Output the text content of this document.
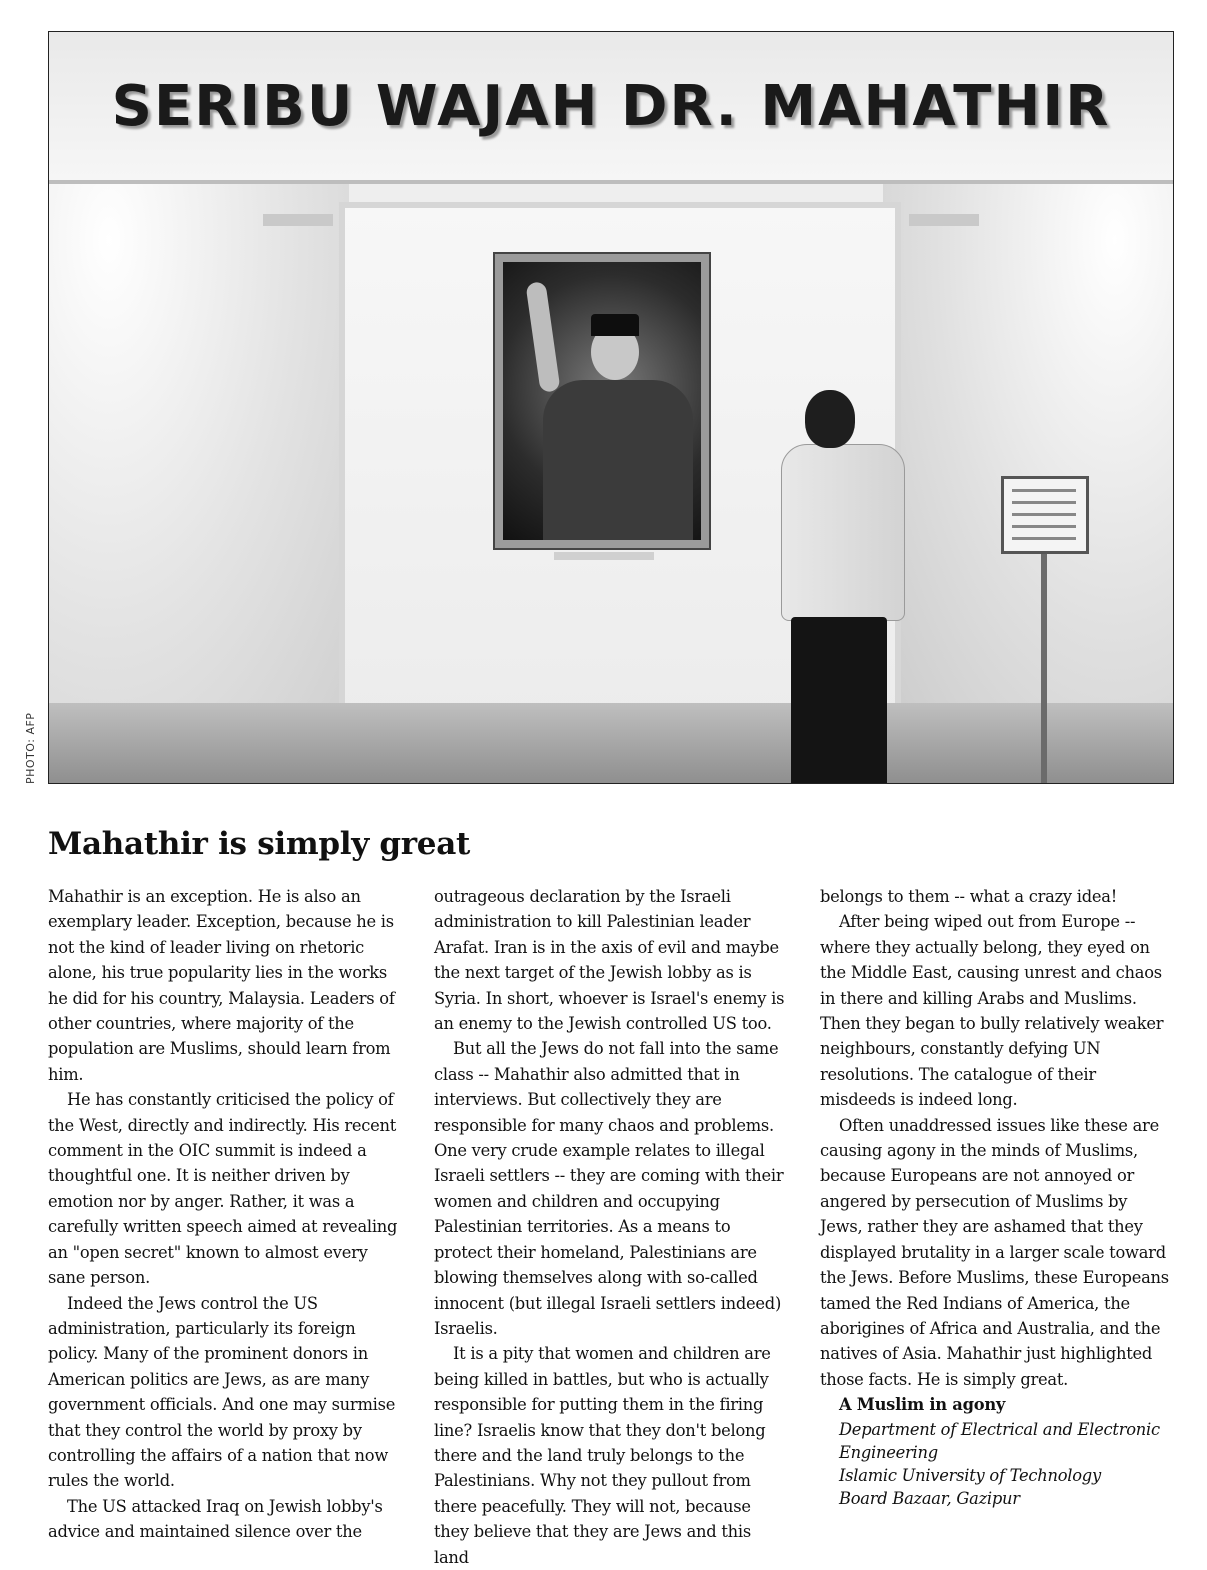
SERIBU WAJAH DR. MAHATHIR
PHOTO: AFP
Mahathir is simply great

Mahathir is an exception. He is also an exemplary leader. Exception, because he is not the kind of leader living on rhetoric alone, his true popularity lies in the works he did for his country, Malaysia. Leaders of other countries, where majority of the population are Muslims, should learn from him.

He has constantly criticised the policy of the West, directly and indirectly. His recent comment in the OIC summit is indeed a thoughtful one. It is neither driven by emotion nor by anger. Rather, it was a carefully written speech aimed at revealing an "open secret" known to almost every sane person.

Indeed the Jews control the US administration, particularly its foreign policy. Many of the prominent donors in American politics are Jews, as are many government officials. And one may surmise that they control the world by proxy by controlling the affairs of a nation that now rules the world.

The US attacked Iraq on Jewish lobby's advice and maintained silence over the

outrageous declaration by the Israeli administration to kill Palestinian leader Arafat. Iran is in the axis of evil and maybe the next target of the Jewish lobby as is Syria. In short, whoever is Israel's enemy is an enemy to the Jewish controlled US too.

But all the Jews do not fall into the same class -- Mahathir also admitted that in interviews. But collectively they are responsible for many chaos and problems. One very crude example relates to illegal Israeli settlers -- they are coming with their women and children and occupying Palestinian territories. As a means to protect their homeland, Palestinians are blowing themselves along with so-called innocent (but illegal Israeli settlers indeed) Israelis.

It is a pity that women and children are being killed in battles, but who is actually responsible for putting them in the firing line? Israelis know that they don't belong there and the land truly belongs to the Palestinians. Why not they pullout from there peacefully. They will not, because they believe that they are Jews and this land

belongs to them -- what a crazy idea!

After being wiped out from Europe -- where they actually belong, they eyed on the Middle East, causing unrest and chaos in there and killing Arabs and Muslims. Then they began to bully relatively weaker neighbours, constantly defying UN resolutions. The catalogue of their misdeeds is indeed long.

Often unaddressed issues like these are causing agony in the minds of Muslims, because Europeans are not annoyed or angered by persecution of Muslims by Jews, rather they are ashamed that they displayed brutality in a larger scale toward the Jews. Before Muslims, these Europeans tamed the Red Indians of America, the aborigines of Africa and Australia, and the natives of Asia. Mahathir just highlighted those facts. He is simply great.

A Muslim in agony

Department of Electrical and Electronic

Engineering

Islamic University of Technology

Board Bazaar, Gazipur
